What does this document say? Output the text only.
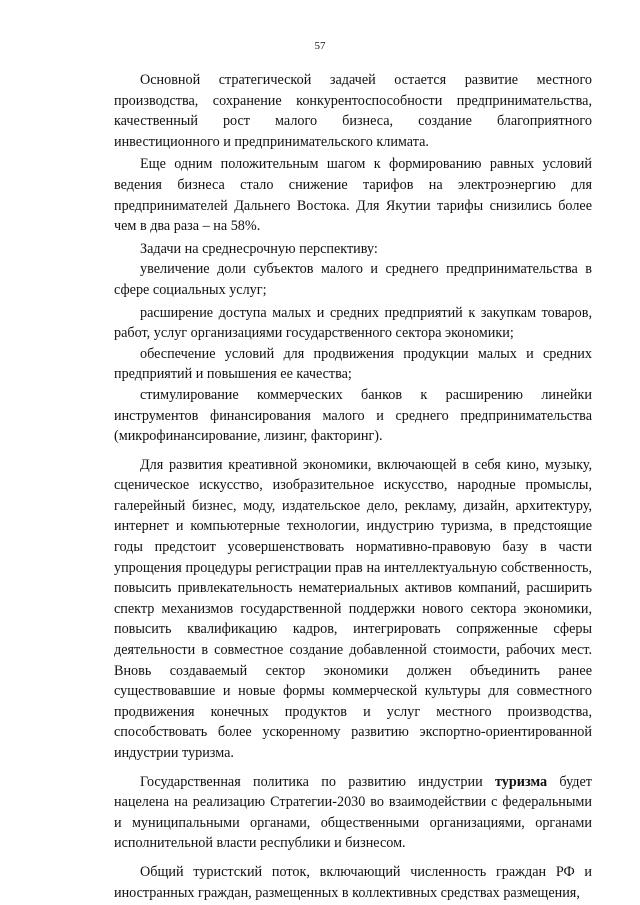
57

Основной стратегической задачей остается развитие местного производства, сохранение конкурентоспособности предпринимательства, качественный рост малого бизнеса, создание благоприятного инвестиционного и предпринимательского климата.

Еще одним положительным шагом к формированию равных условий ведения бизнеса стало снижение тарифов на электроэнергию для предпринимателей Дальнего Востока. Для Якутии тарифы снизились более чем в два раза – на 58%.

Задачи на среднесрочную перспективу:

увеличение доли субъектов малого и среднего предпринимательства в сфере социальных услуг;

расширение доступа малых и средних предприятий к закупкам товаров, работ, услуг организациями государственного сектора экономики;

обеспечение условий для продвижения продукции малых и средних предприятий и повышения ее качества;

стимулирование коммерческих банков к расширению линейки инструментов финансирования малого и среднего предпринимательства (микрофинансирование, лизинг, факторинг).

Для развития креативной экономики, включающей в себя кино, музыку, сценическое искусство, изобразительное искусство, народные промыслы, галерейный бизнес, моду, издательское дело, рекламу, дизайн, архитектуру, интернет и компьютерные технологии, индустрию туризма, в предстоящие годы предстоит усовершенствовать нормативно-правовую базу в части упрощения процедуры регистрации прав на интеллектуальную собственность, повысить привлекательность нематериальных активов компаний, расширить спектр механизмов государственной поддержки нового сектора экономики, повысить квалификацию кадров, интегрировать сопряженные сферы деятельности в совместное создание добавленной стоимости, рабочих мест. Вновь создаваемый сектор экономики должен объединить ранее существовавшие и новые формы коммерческой культуры для совместного продвижения конечных продуктов и услуг местного производства, способствовать более ускоренному развитию экспортно-ориентированной индустрии туризма.

Государственная политика по развитию индустрии туризма будет нацелена на реализацию Стратегии-2030 во взаимодействии с федеральными и муниципальными органами, общественными организациями, органами исполнительной власти республики и бизнесом.

Общий туристский поток, включающий численность граждан РФ и иностранных граждан, размещенных в коллективных средствах размещения,
